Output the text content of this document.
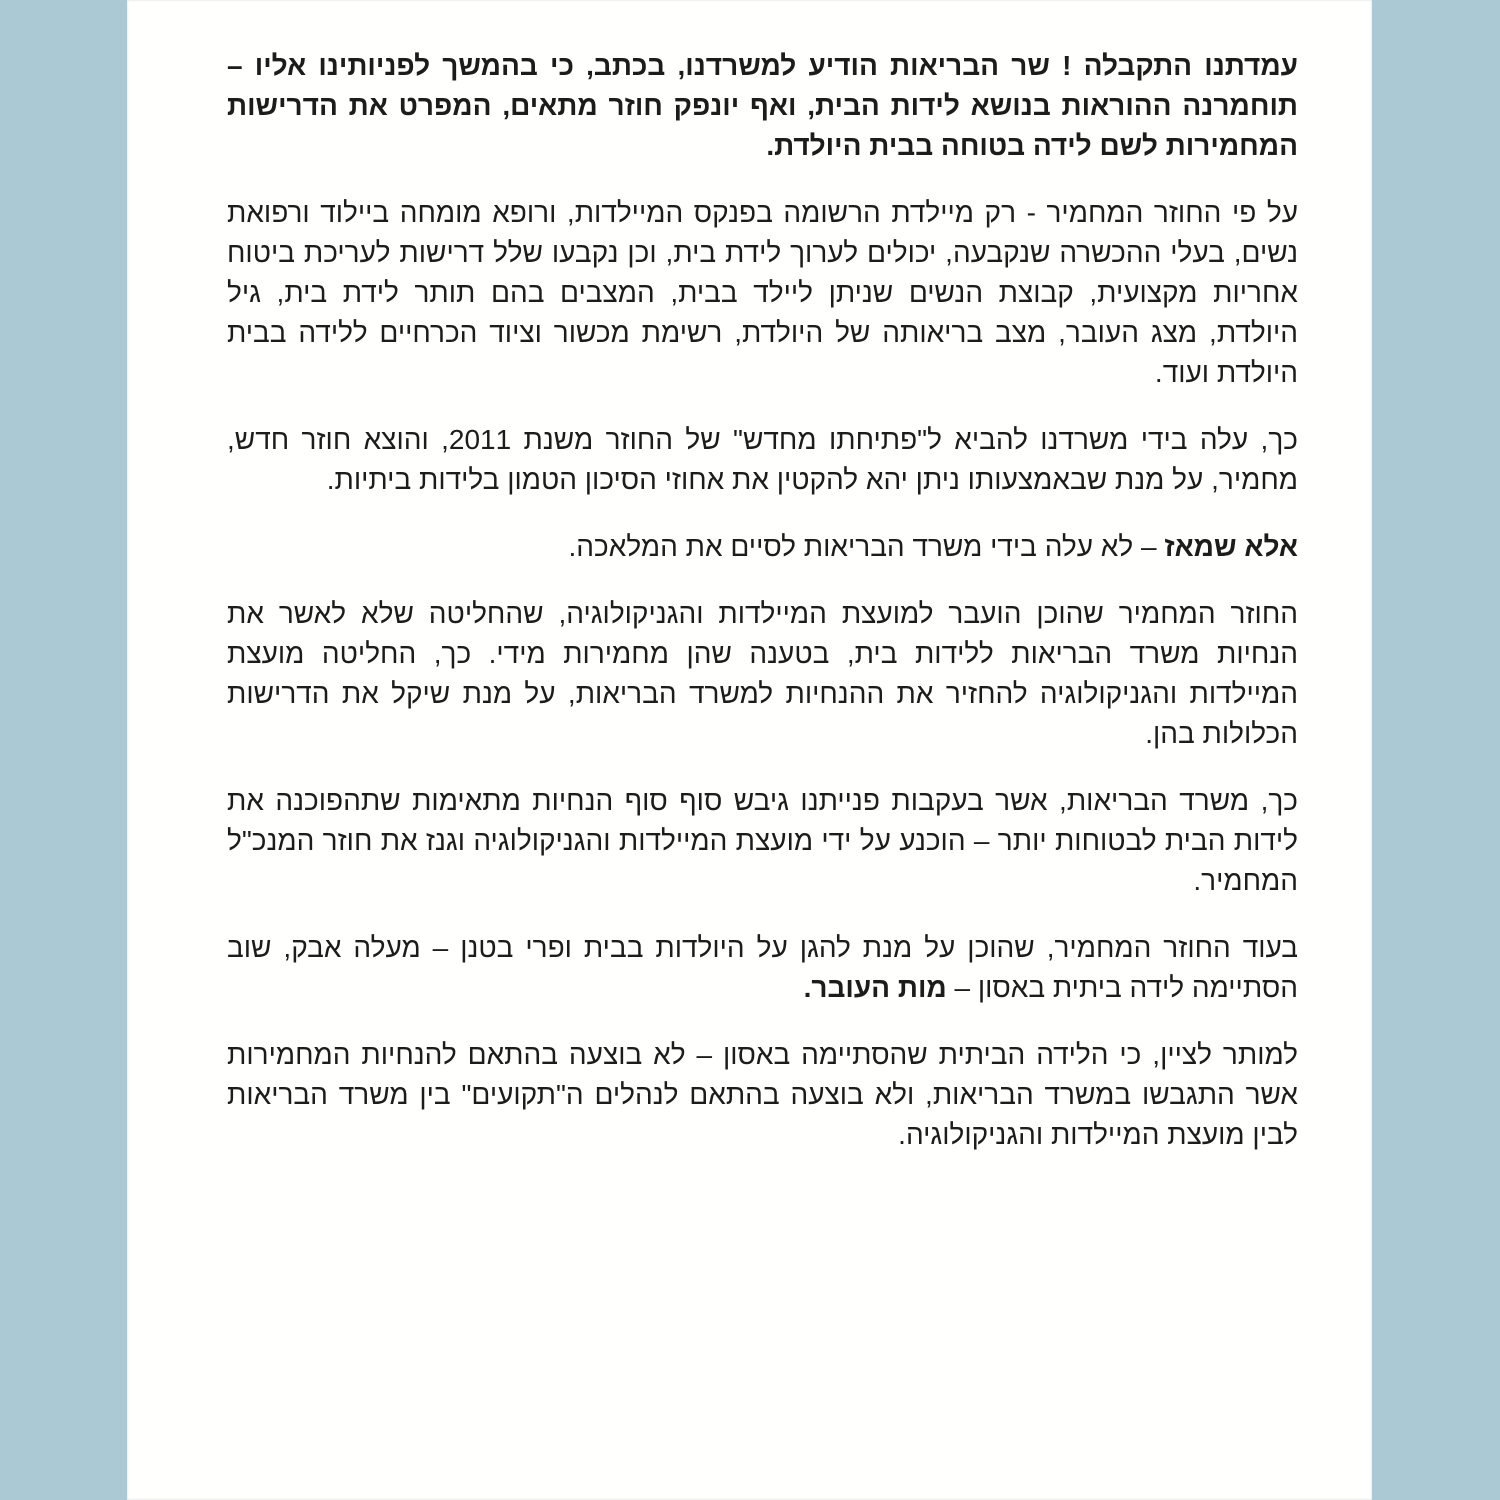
עמדתנו התקבלה ! שר הבריאות הודיע למשרדנו, בכתב, כי בהמשך לפניותינו אליו – תוחמרנה ההוראות בנושא לידות הבית, ואף יונפק חוזר מתאים, המפרט את הדרישות המחמירות לשם לידה בטוחה בבית היולדת.

על פי החוזר המחמיר - רק מיילדת הרשומה בפנקס המיילדות, ורופא מומחה ביילוד ורפואת נשים, בעלי ההכשרה שנקבעה, יכולים לערוך לידת בית, וכן נקבעו שלל דרישות לעריכת ביטוח אחריות מקצועית, קבוצת הנשים שניתן ליילד בבית, המצבים בהם תותר לידת בית, גיל היולדת, מצג העובר, מצב בריאותה של היולדת, רשימת מכשור וציוד הכרחיים ללידה בבית היולדת ועוד.

כך, עלה בידי משרדנו להביא ל"פתיחתו מחדש" של החוזר משנת 2011, והוצא חוזר חדש, מחמיר, על מנת שבאמצעותו ניתן יהא להקטין את אחוזי הסיכון הטמון בלידות ביתיות.

אלא שמאז – לא עלה בידי משרד הבריאות לסיים את המלאכה.

החוזר המחמיר שהוכן הועבר למועצת המיילדות והגניקולוגיה, שהחליטה שלא לאשר את הנחיות משרד הבריאות ללידות בית, בטענה שהן מחמירות מידי. כך, החליטה מועצת המיילדות והגניקולוגיה להחזיר את ההנחיות למשרד הבריאות, על מנת שיקל את הדרישות הכלולות בהן.

כך, משרד הבריאות, אשר בעקבות פנייתנו גיבש סוף סוף הנחיות מתאימות שתהפוכנה את לידות הבית לבטוחות יותר – הוכנע על ידי מועצת המיילדות והגניקולוגיה וגנז את חוזר המנכ"ל המחמיר.

בעוד החוזר המחמיר, שהוכן על מנת להגן על היולדות בבית ופרי בטנן – מעלה אבק, שוב הסתיימה לידה ביתית באסון – מות העובר.

למותר לציין, כי הלידה הביתית שהסתיימה באסון – לא בוצעה בהתאם להנחיות המחמירות אשר התגבשו במשרד הבריאות, ולא בוצעה בהתאם לנהלים ה"תקועים" בין משרד הבריאות לבין מועצת המיילדות והגניקולוגיה.
